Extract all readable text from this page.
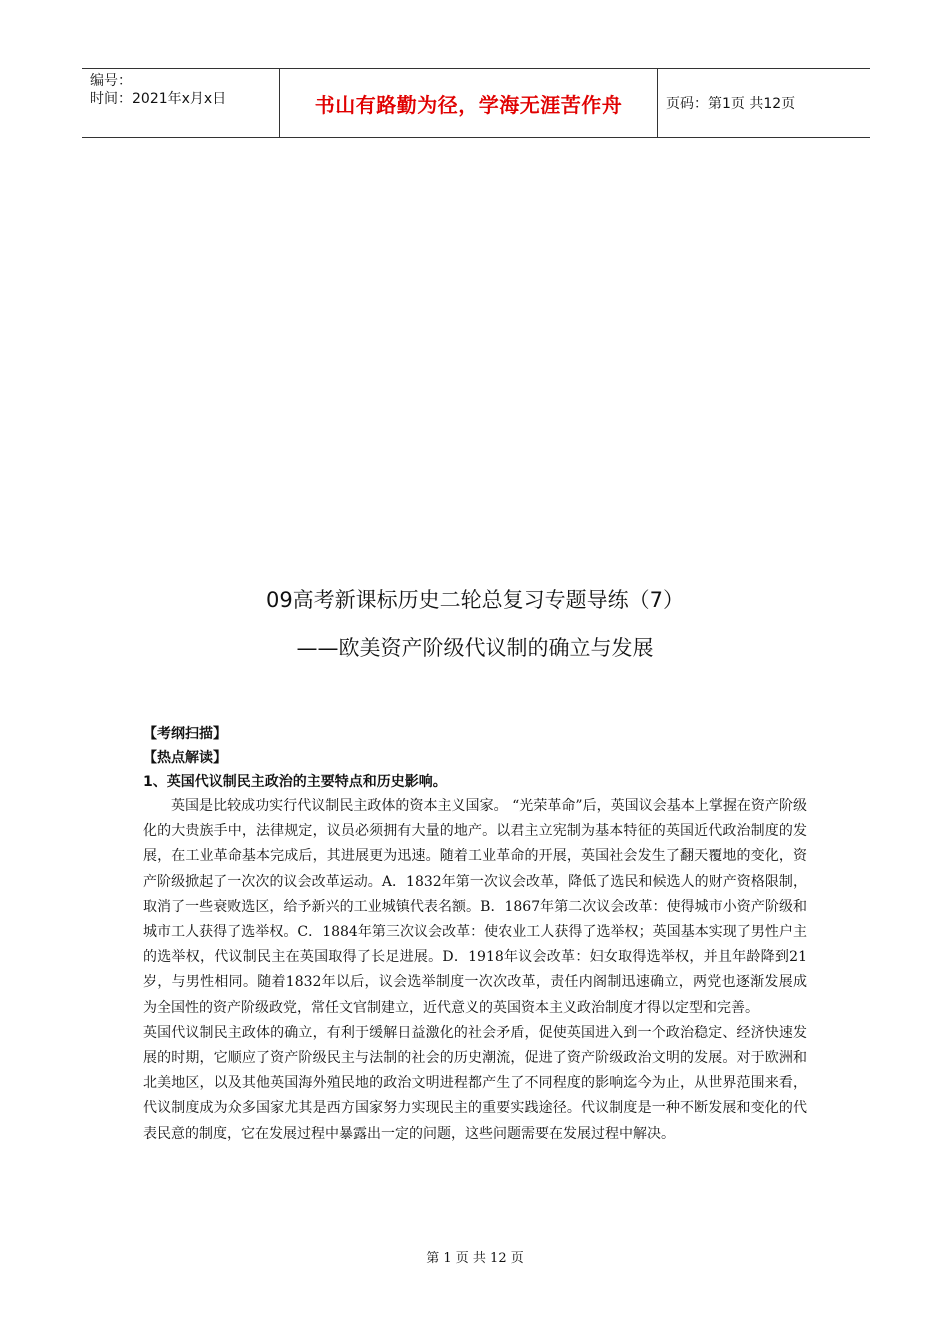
编号：
时间：2021年x月x日	书山有路勤为径，学海无涯苦作舟	页码：第1页 共12页
09高考新课标历史二轮总复习专题导练（7）
——欧美资产阶级代议制的确立与发展
【考纲扫描】
【热点解读】
1、英国代议制民主政治的主要特点和历史影响。

英国是比较成功实行代议制民主政体的资本主义国家。 “光荣革命”后，英国议会基本上掌握在资产阶级化的大贵族手中，法律规定，议员必须拥有大量的地产。以君主立宪制为基本特征的英国近代政治制度的发展，在工业革命基本完成后，其进展更为迅速。随着工业革命的开展，英国社会发生了翻天覆地的变化，资产阶级掀起了一次次的议会改革运动。A．1832年第一次议会改革，降低了选民和候选人的财产资格限制，取消了一些衰败选区，给予新兴的工业城镇代表名额。B．1867年第二次议会改革：使得城市小资产阶级和城市工人获得了选举权。C．1884年第三次议会改革：使农业工人获得了选举权；英国基本实现了男性户主的选举权，代议制民主在英国取得了长足进展。D．1918年议会改革：妇女取得选举权，并且年龄降到21岁，与男性相同。随着1832年以后，议会选举制度一次次改革，责任内阁制迅速确立，两党也逐渐发展成为全国性的资产阶级政党，常任文官制建立，近代意义的英国资本主义政治制度才得以定型和完善。

英国代议制民主政体的确立，有利于缓解日益激化的社会矛盾，促使英国进入到一个政治稳定、经济快速发展的时期，它顺应了资产阶级民主与法制的社会的历史潮流，促进了资产阶级政治文明的发展。对于欧洲和北美地区，以及其他英国海外殖民地的政治文明进程都产生了不同程度的影响迄今为止，从世界范围来看，代议制度成为众多国家尤其是西方国家努力实现民主的重要实践途径。代议制度是一种不断发展和变化的代表民意的制度，它在发展过程中暴露出一定的问题，这些问题需要在发展过程中解决。

第 1 页 共 12 页
